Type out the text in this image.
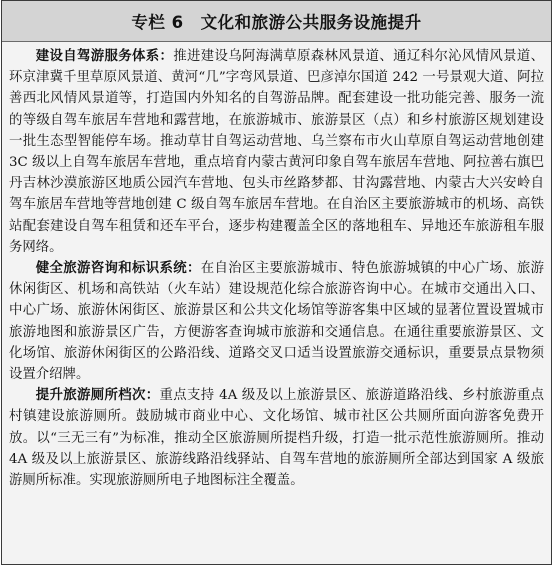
专栏 6　文化和旅游公共服务设施提升

建设自驾游服务体系：推进建设乌阿海满草原森林风景道、通辽科尔沁风情风景道、环京津冀千里草原风景道、黄河“几”字弯风景道、巴彦淖尔国道 242 一号景观大道、阿拉善西北风情风景道等，打造国内外知名的自驾游品牌。配套建设一批功能完善、服务一流的等级自驾车旅居车营地和露营地，在旅游城市、旅游景区（点）和乡村旅游区规划建设一批生态型智能停车场。推动草甘自驾运动营地、乌兰察布市火山草原自驾运动营地创建 3C 级以上自驾车旅居车营地，重点培育内蒙古黄河印象自驾车旅居车营地、阿拉善右旗巴丹吉林沙漠旅游区地质公园汽车营地、包头市丝路梦都、甘沟露营地、内蒙古大兴安岭自驾车旅居车营地等营地创建 C 级自驾车旅居车营地。在自治区主要旅游城市的机场、高铁站配套建设自驾车租赁和还车平台，逐步构建覆盖全区的落地租车、异地还车旅游租车服务网络。

健全旅游咨询和标识系统：在自治区主要旅游城市、特色旅游城镇的中心广场、旅游休闲街区、机场和高铁站（火车站）建设规范化综合旅游咨询中心。在城市交通出入口、中心广场、旅游休闲街区、旅游景区和公共文化场馆等游客集中区域的显著位置设置城市旅游地图和旅游景区广告，方便游客查询城市旅游和交通信息。在通往重要旅游景区、文化场馆、旅游休闲街区的公路沿线、道路交叉口适当设置旅游交通标识，重要景点景物须设置介绍牌。

提升旅游厕所档次：重点支持 4A 级及以上旅游景区、旅游道路沿线、乡村旅游重点村镇建设旅游厕所。鼓励城市商业中心、文化场馆、城市社区公共厕所面向游客免费开放。以“三无三有”为标准，推动全区旅游厕所提档升级，打造一批示范性旅游厕所。推动 4A 级及以上旅游景区、旅游线路沿线驿站、自驾车营地的旅游厕所全部达到国家 A 级旅游厕所标准。实现旅游厕所电子地图标注全覆盖。
